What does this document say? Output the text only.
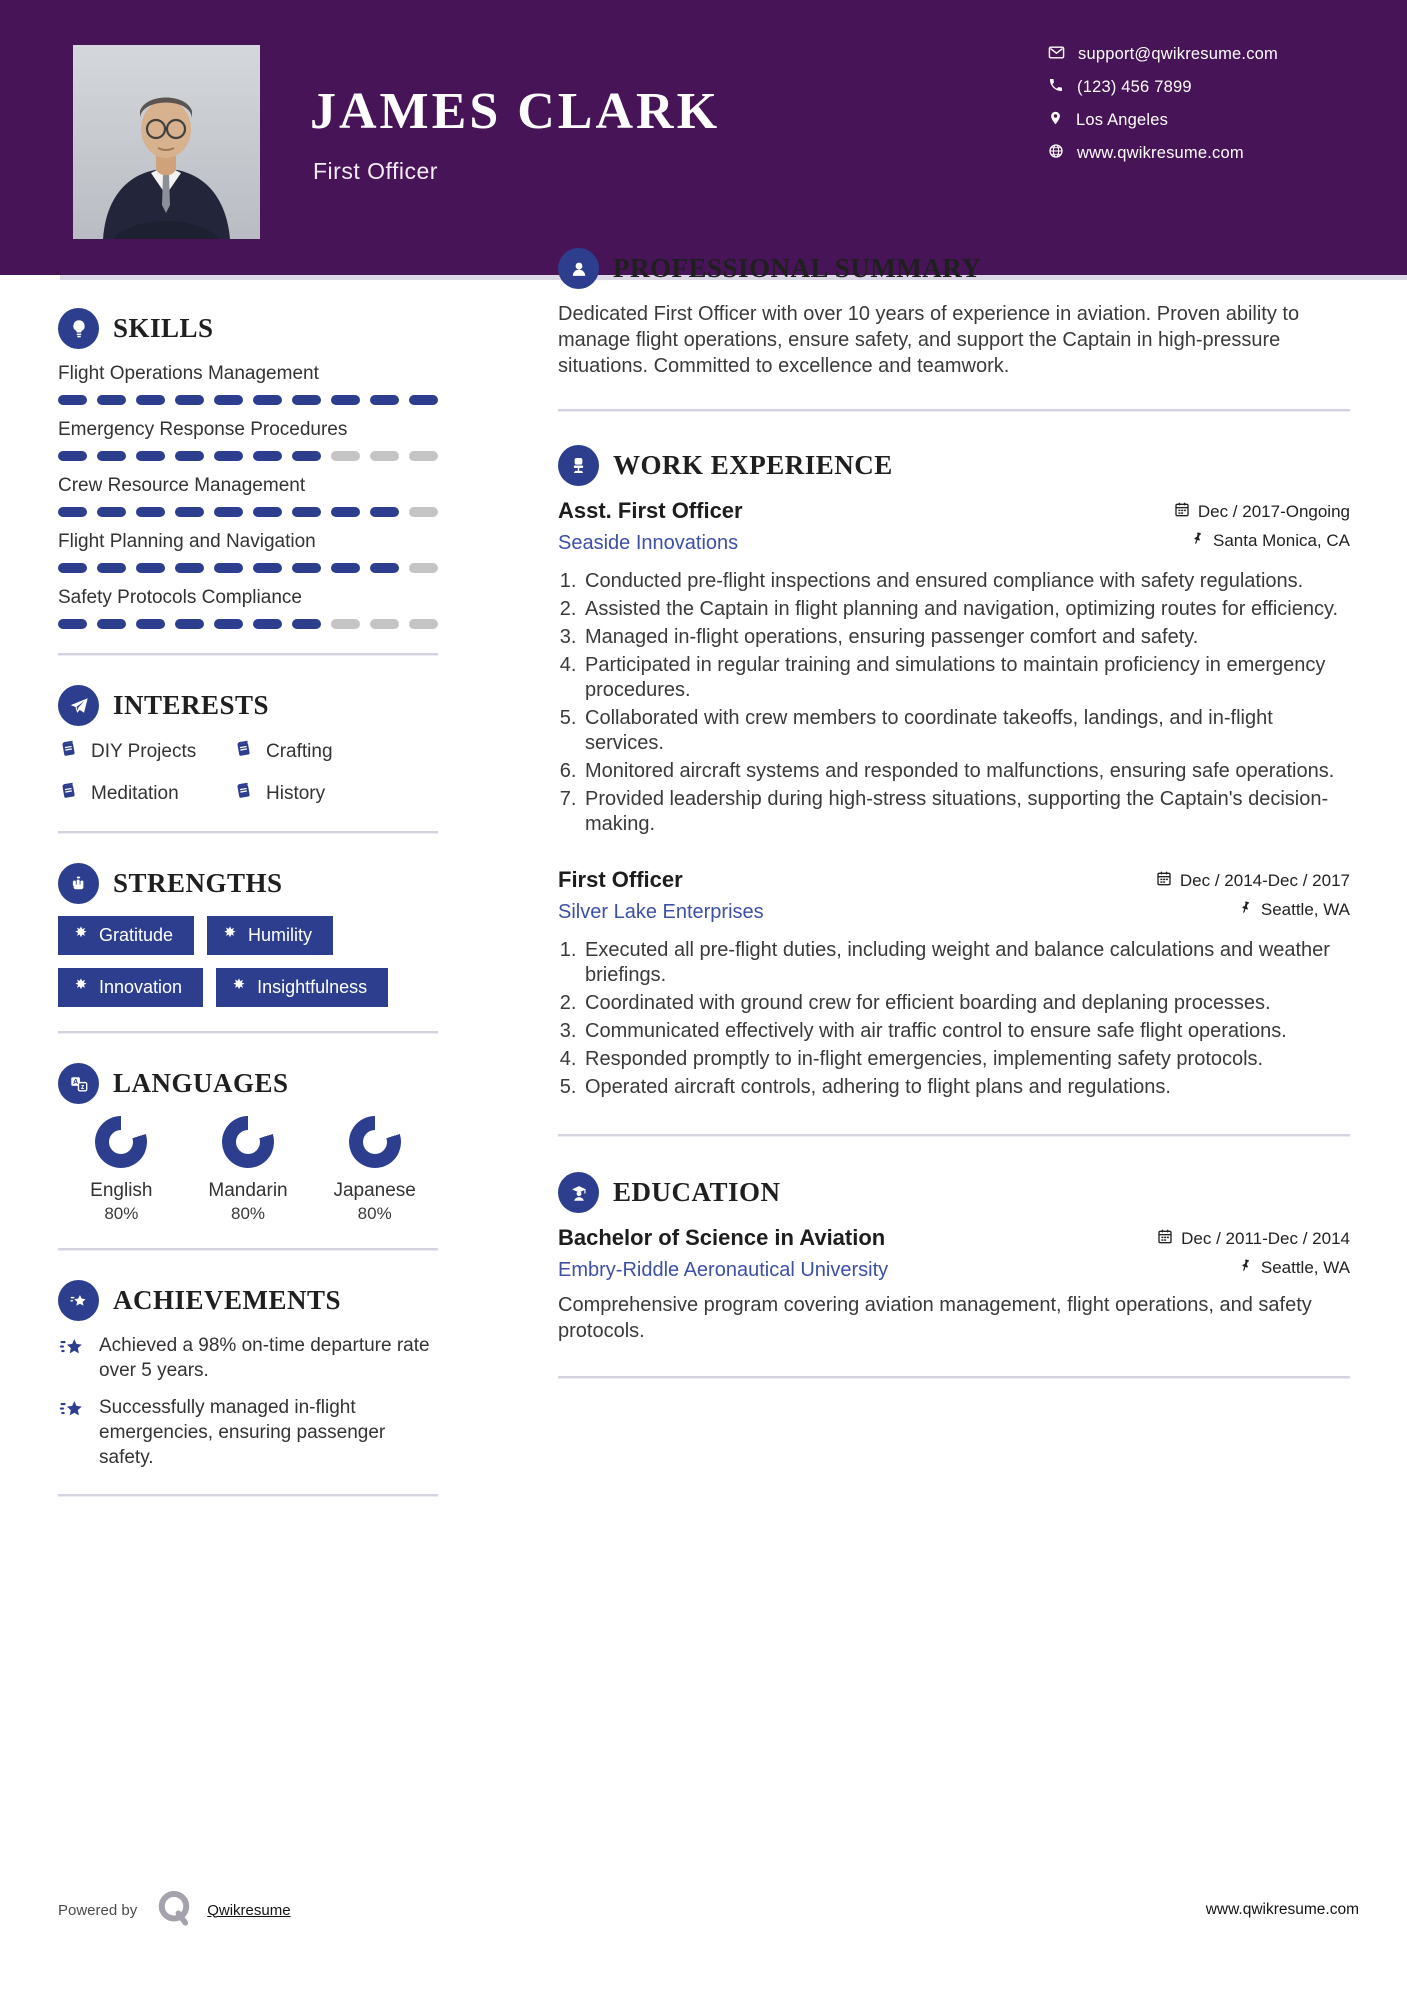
JAMES CLARK
First Officer
support@qwikresume.com
(123) 456 7899
Los Angeles
www.qwikresume.com
SKILLS
Flight Operations Management
Emergency Response Procedures
Crew Resource Management
Flight Planning and Navigation
Safety Protocols Compliance
INTERESTS
DIY Projects	Crafting
Meditation	History
STRENGTHS
Gratitude	Humility
Innovation	Insightfulness
A
z LANGUAGES
English
80%
Mandarin
80%
Japanese
80%
ACHIEVEMENTS
Achieved a 98% on-time departure rate over 5 years.
Successfully managed in-flight emergencies, ensuring passenger safety.
PROFESSIONAL SUMMARY

Dedicated First Officer with over 10 years of experience in aviation. Proven ability to manage flight operations, ensure safety, and support the Captain in high-pressure situations. Committed to excellence and teamwork.

WORK EXPERIENCE
Asst. First Officer
Seaside Innovations
Dec / 2017-Ongoing
Santa Monica, CA
1. Conducted pre-flight inspections and ensured compliance with safety regulations.
2. Assisted the Captain in flight planning and navigation, optimizing routes for efficiency.
3. Managed in-flight operations, ensuring passenger comfort and safety.
4. Participated in regular training and simulations to maintain proficiency in emergency procedures.
5. Collaborated with crew members to coordinate takeoffs, landings, and in-flight services.
6. Monitored aircraft systems and responded to malfunctions, ensuring safe operations.
7. Provided leadership during high-stress situations, supporting the Captain's decision-making.
First Officer
Silver Lake Enterprises
Dec / 2014-Dec / 2017
Seattle, WA
1. Executed all pre-flight duties, including weight and balance calculations and weather briefings.
2. Coordinated with ground crew for efficient boarding and deplaning processes.
3. Communicated effectively with air traffic control to ensure safe flight operations.
4. Responded promptly to in-flight emergencies, implementing safety protocols.
5. Operated aircraft controls, adhering to flight plans and regulations.
EDUCATION
Bachelor of Science in Aviation
Embry-Riddle Aeronautical University
Dec / 2011-Dec / 2014
Seattle, WA

Comprehensive program covering aviation management, flight operations, and safety protocols.

Powered by	Qwikresume	www.qwikresume.com
